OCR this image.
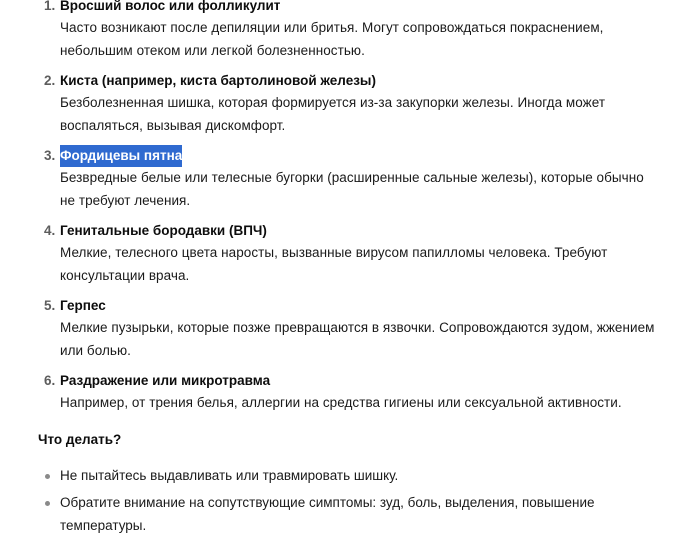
1. Вросший волос или фолликулит
Часто возникают после депиляции или бритья. Могут сопровождаться покраснением, небольшим отеком или легкой болезненностью.
2. Киста (например, киста бартолиновой железы)
Безболезненная шишка, которая формируется из-за закупорки железы. Иногда может воспаляться, вызывая дискомфорт.
3. Фордицевы пятна
Безвредные белые или телесные бугорки (расширенные сальные железы), которые обычно не требуют лечения.
4. Генитальные бородавки (ВПЧ)
Мелкие, телесного цвета наросты, вызванные вирусом папилломы человека. Требуют консультации врача.
5. Герпес
Мелкие пузырьки, которые позже превращаются в язвочки. Сопровождаются зудом, жжением или болью.
6. Раздражение или микротравма
Например, от трения белья, аллергии на средства гигиены или сексуальной активности.
Что делать?
Не пытайтесь выдавливать или травмировать шишку.
Обратите внимание на сопутствующие симптомы: зуд, боль, выделения, повышение температуры.
